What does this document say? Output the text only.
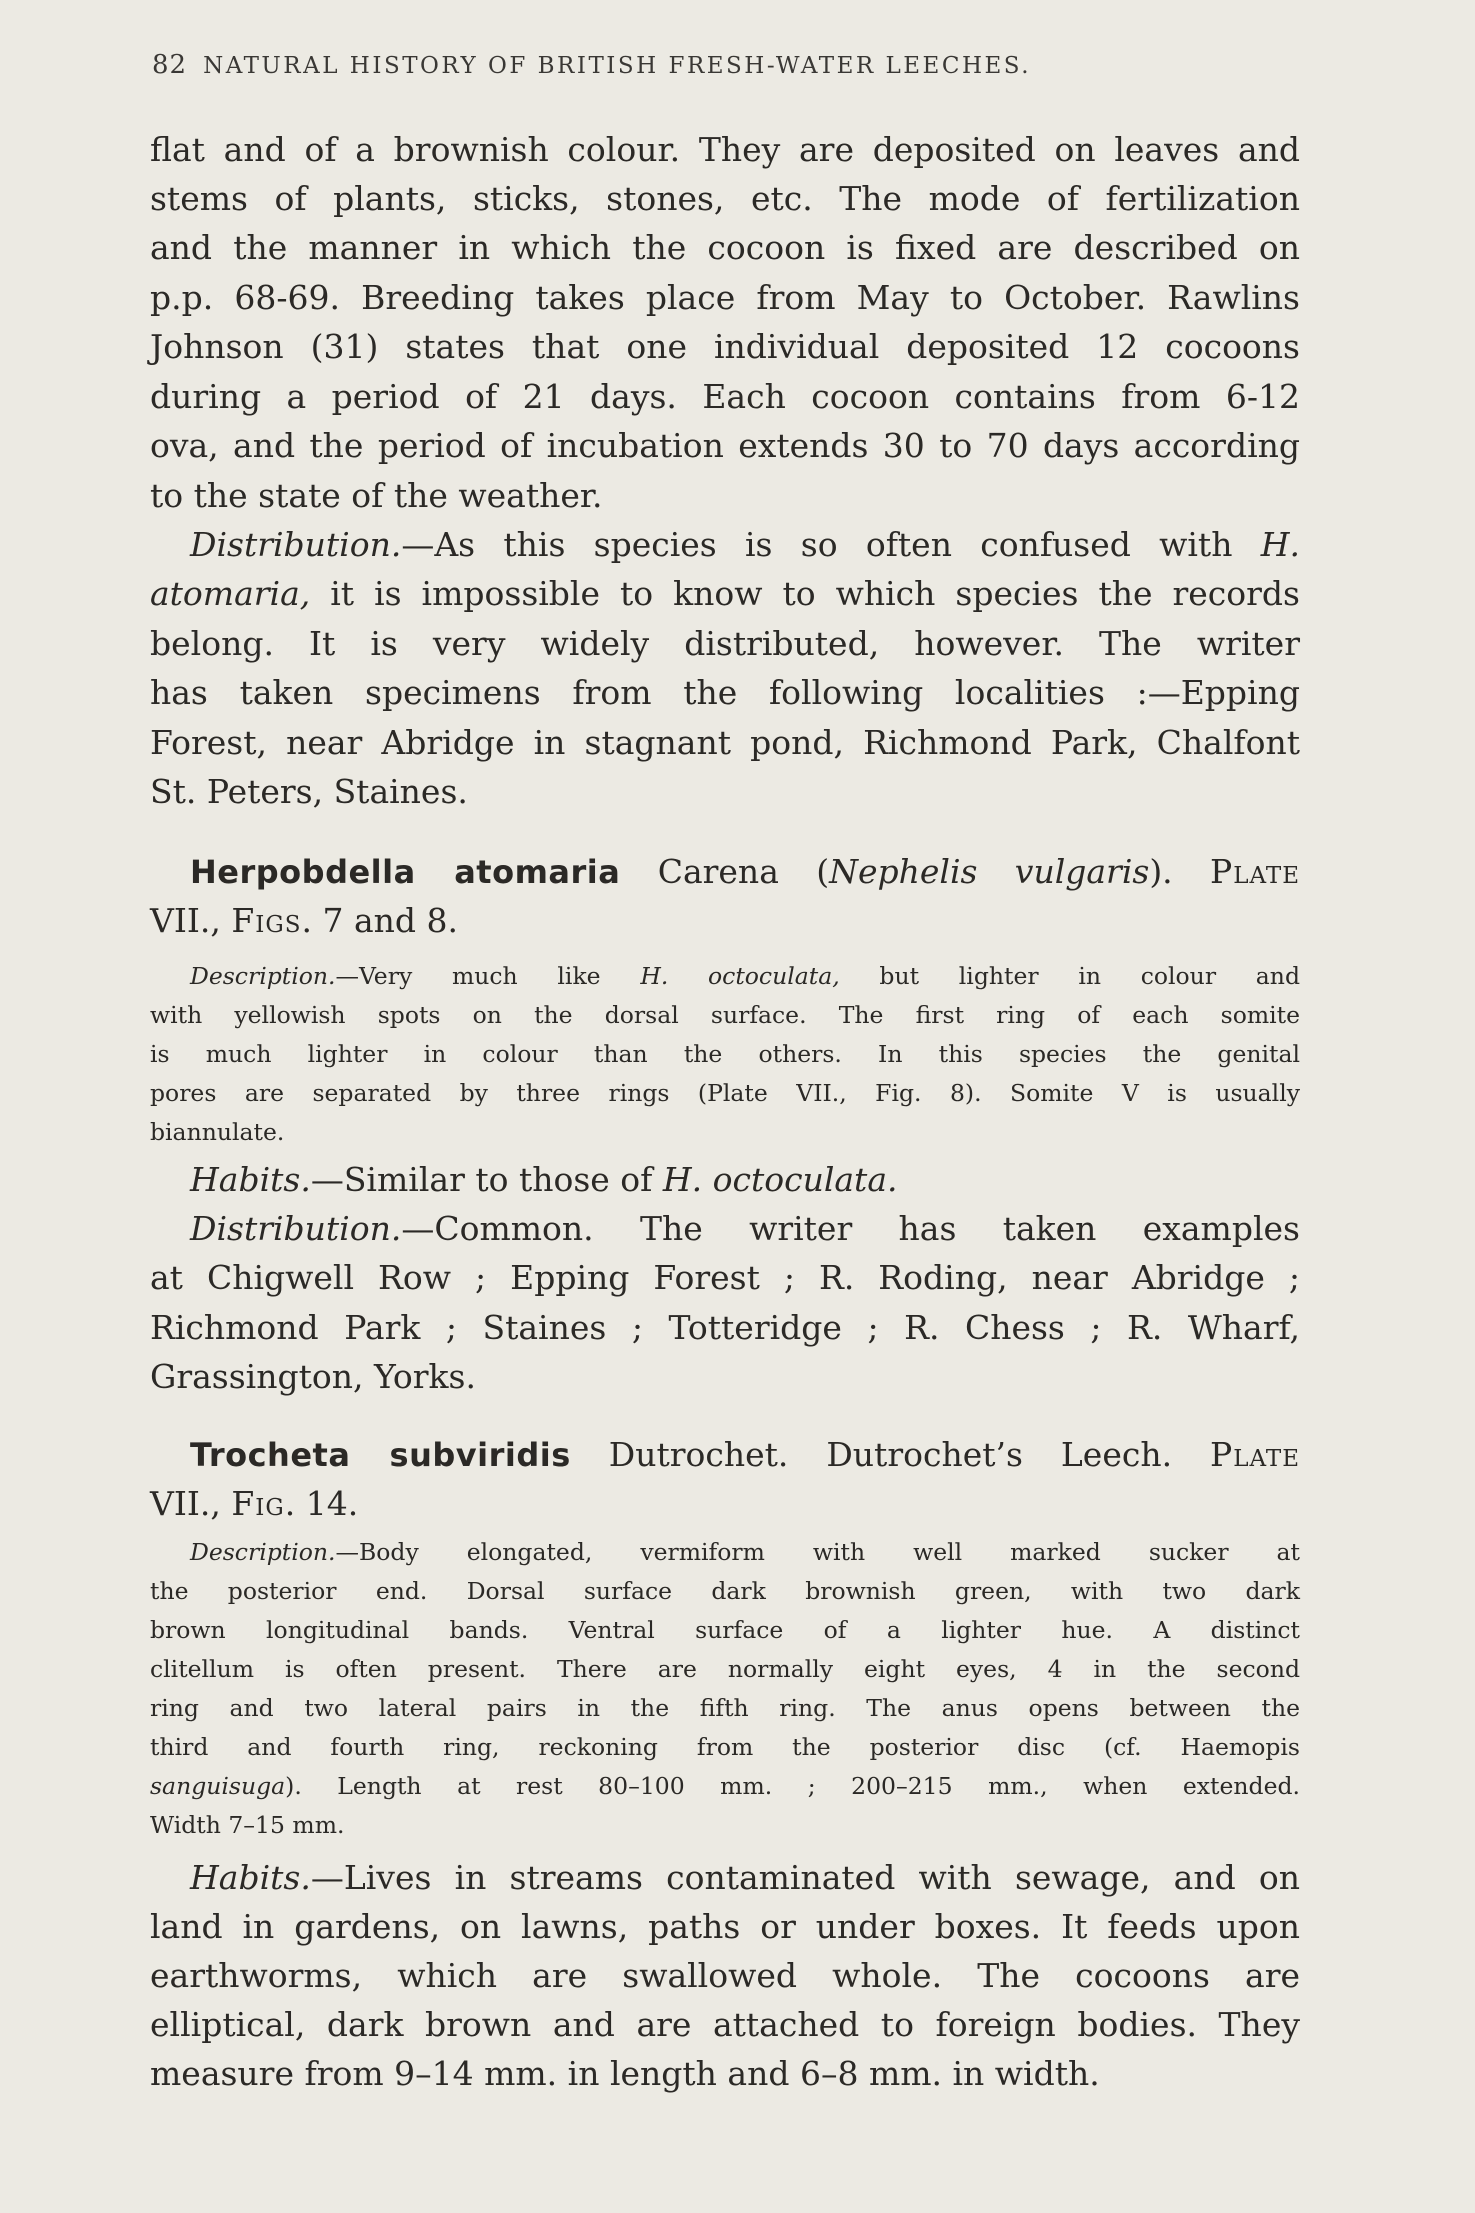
82 NATURAL HISTORY OF BRITISH FRESH-WATER LEECHES.
flat and of a brownish colour. They are deposited on leaves and
stems of plants, sticks, stones, etc. The mode of fertilization
and the manner in which the cocoon is fixed are described on
p.p. 68-69. Breeding takes place from May to October. Rawlins
Johnson (31) states that one individual deposited 12 cocoons
during a period of 21 days. Each cocoon contains from 6-12
ova, and the period of incubation extends 30 to 70 days according
to the state of the weather.
Distribution.—As this species is so often confused with H.
atomaria, it is impossible to know to which species the records
belong. It is very widely distributed, however. The writer
has taken specimens from the following localities :—Epping
Forest, near Abridge in stagnant pond, Richmond Park, Chalfont
St. Peters, Staines.
Herpobdella atomaria Carena (Nephelis vulgaris). Plate
VII., Figs. 7 and 8.
Description.—Very much like H. octoculata, but lighter in colour and
with yellowish spots on the dorsal surface. The first ring of each somite
is much lighter in colour than the others. In this species the genital
pores are separated by three rings (Plate VII., Fig. 8). Somite V is usually
biannulate.
Habits.—Similar to those of H. octoculata.
Distribution.—Common. The writer has taken examples
at Chigwell Row ; Epping Forest ; R. Roding, near Abridge ;
Richmond Park ; Staines ; Totteridge ; R. Chess ; R. Wharf,
Grassington, Yorks.
Trocheta subviridis Dutrochet. Dutrochet’s Leech. Plate
VII., Fig. 14.
Description.—Body elongated, vermiform with well marked sucker at
the posterior end. Dorsal surface dark brownish green, with two dark
brown longitudinal bands. Ventral surface of a lighter hue. A distinct
clitellum is often present. There are normally eight eyes, 4 in the second
ring and two lateral pairs in the fifth ring. The anus opens between the
third and fourth ring, reckoning from the posterior disc (cf. Haemopis
sanguisuga). Length at rest 80–100 mm. ; 200–215 mm., when extended.
Width 7–15 mm.
Habits.—Lives in streams contaminated with sewage, and on
land in gardens, on lawns, paths or under boxes. It feeds upon
earthworms, which are swallowed whole. The cocoons are
elliptical, dark brown and are attached to foreign bodies. They
measure from 9–14 mm. in length and 6–8 mm. in width.
